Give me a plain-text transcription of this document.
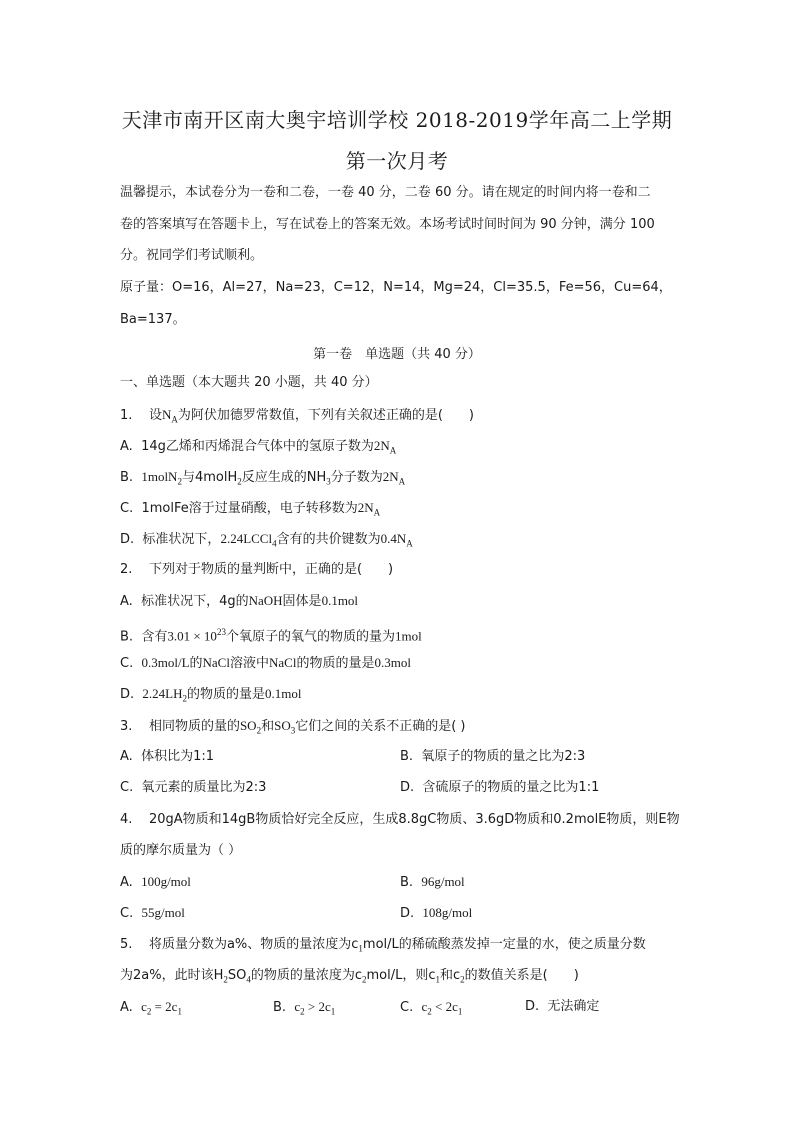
天津市南开区南大奥宇培训学校 2018-2019学年高二上学期
第一次月考
温馨提示，本试卷分为一卷和二卷，一卷 40 分，二卷 60 分。请在规定的时间内将一卷和二
卷的答案填写在答题卡上，写在试卷上的答案无效。本场考试时间时间为 90 分钟，满分 100
分。祝同学们考试顺利。
原子量：O=16，Al=27，Na=23，C=12，N=14，Mg=24，Cl=35.5，Fe=56，Cu=64，
Ba=137。
第一卷　单选题（共 40 分）
一、单选题（本大题共 20 小题，共 40 分）
1. 设$N_A$为阿伏加德罗常数值，下列有关叙述正确的是(　　)
A. 14g乙烯和丙烯混合气体中的氢原子数为$2N_A$
B. 1molN$_2$与4molH$_2$反应生成的$NH_3$分子数为$2N_A$
C. 1molFe溶于过量硝酸，电子转移数为$2N_A$
D. 标准状况下，2.24LCCl$_4$含有的共价键数为$0.4N_A$
2. 下列对于物质的量判断中，正确的是(　　)
A. 标准状况下，4g的NaOH固体是0.1mol
B. 含有$3.01 \times 10^{23}$个氧原子的氧气的物质的量为1mol
C. 0.3mol/L的NaCl溶液中NaCl的物质的量是0.3mol
D. $2.24LH_2$的物质的量是0.1mol
3. 相同物质的量的$SO_2$和$SO_3$它们之间的关系不正确的是( )
A. 体积比为1:1	B. 氧原子的物质的量之比为2:3
C. 氧元素的质量比为2:3	D. 含硫原子的物质的量之比为1:1
4. 20gA物质和14gB物质恰好完全反应，生成8.8gC物质、3.6gD物质和0.2molE物质，则E物
质的摩尔质量为（ ）
A. 100g/mol	B. 96g/mol
C. 55g/mol	D. 108g/mol
5. 将质量分数为a%、物质的量浓度为$c_1mol/L$的稀硫酸蒸发掉一定量的水，使之质量分数
为2a%，此时该$H_2SO_4$的物质的量浓度为$c_2mol/L$，则$c_1$和$c_2$的数值关系是(　　)
A. $c_2 = 2c_1$	B. $c_2 > 2c_1$	C. $c_2 < 2c_1$	D. 无法确定
